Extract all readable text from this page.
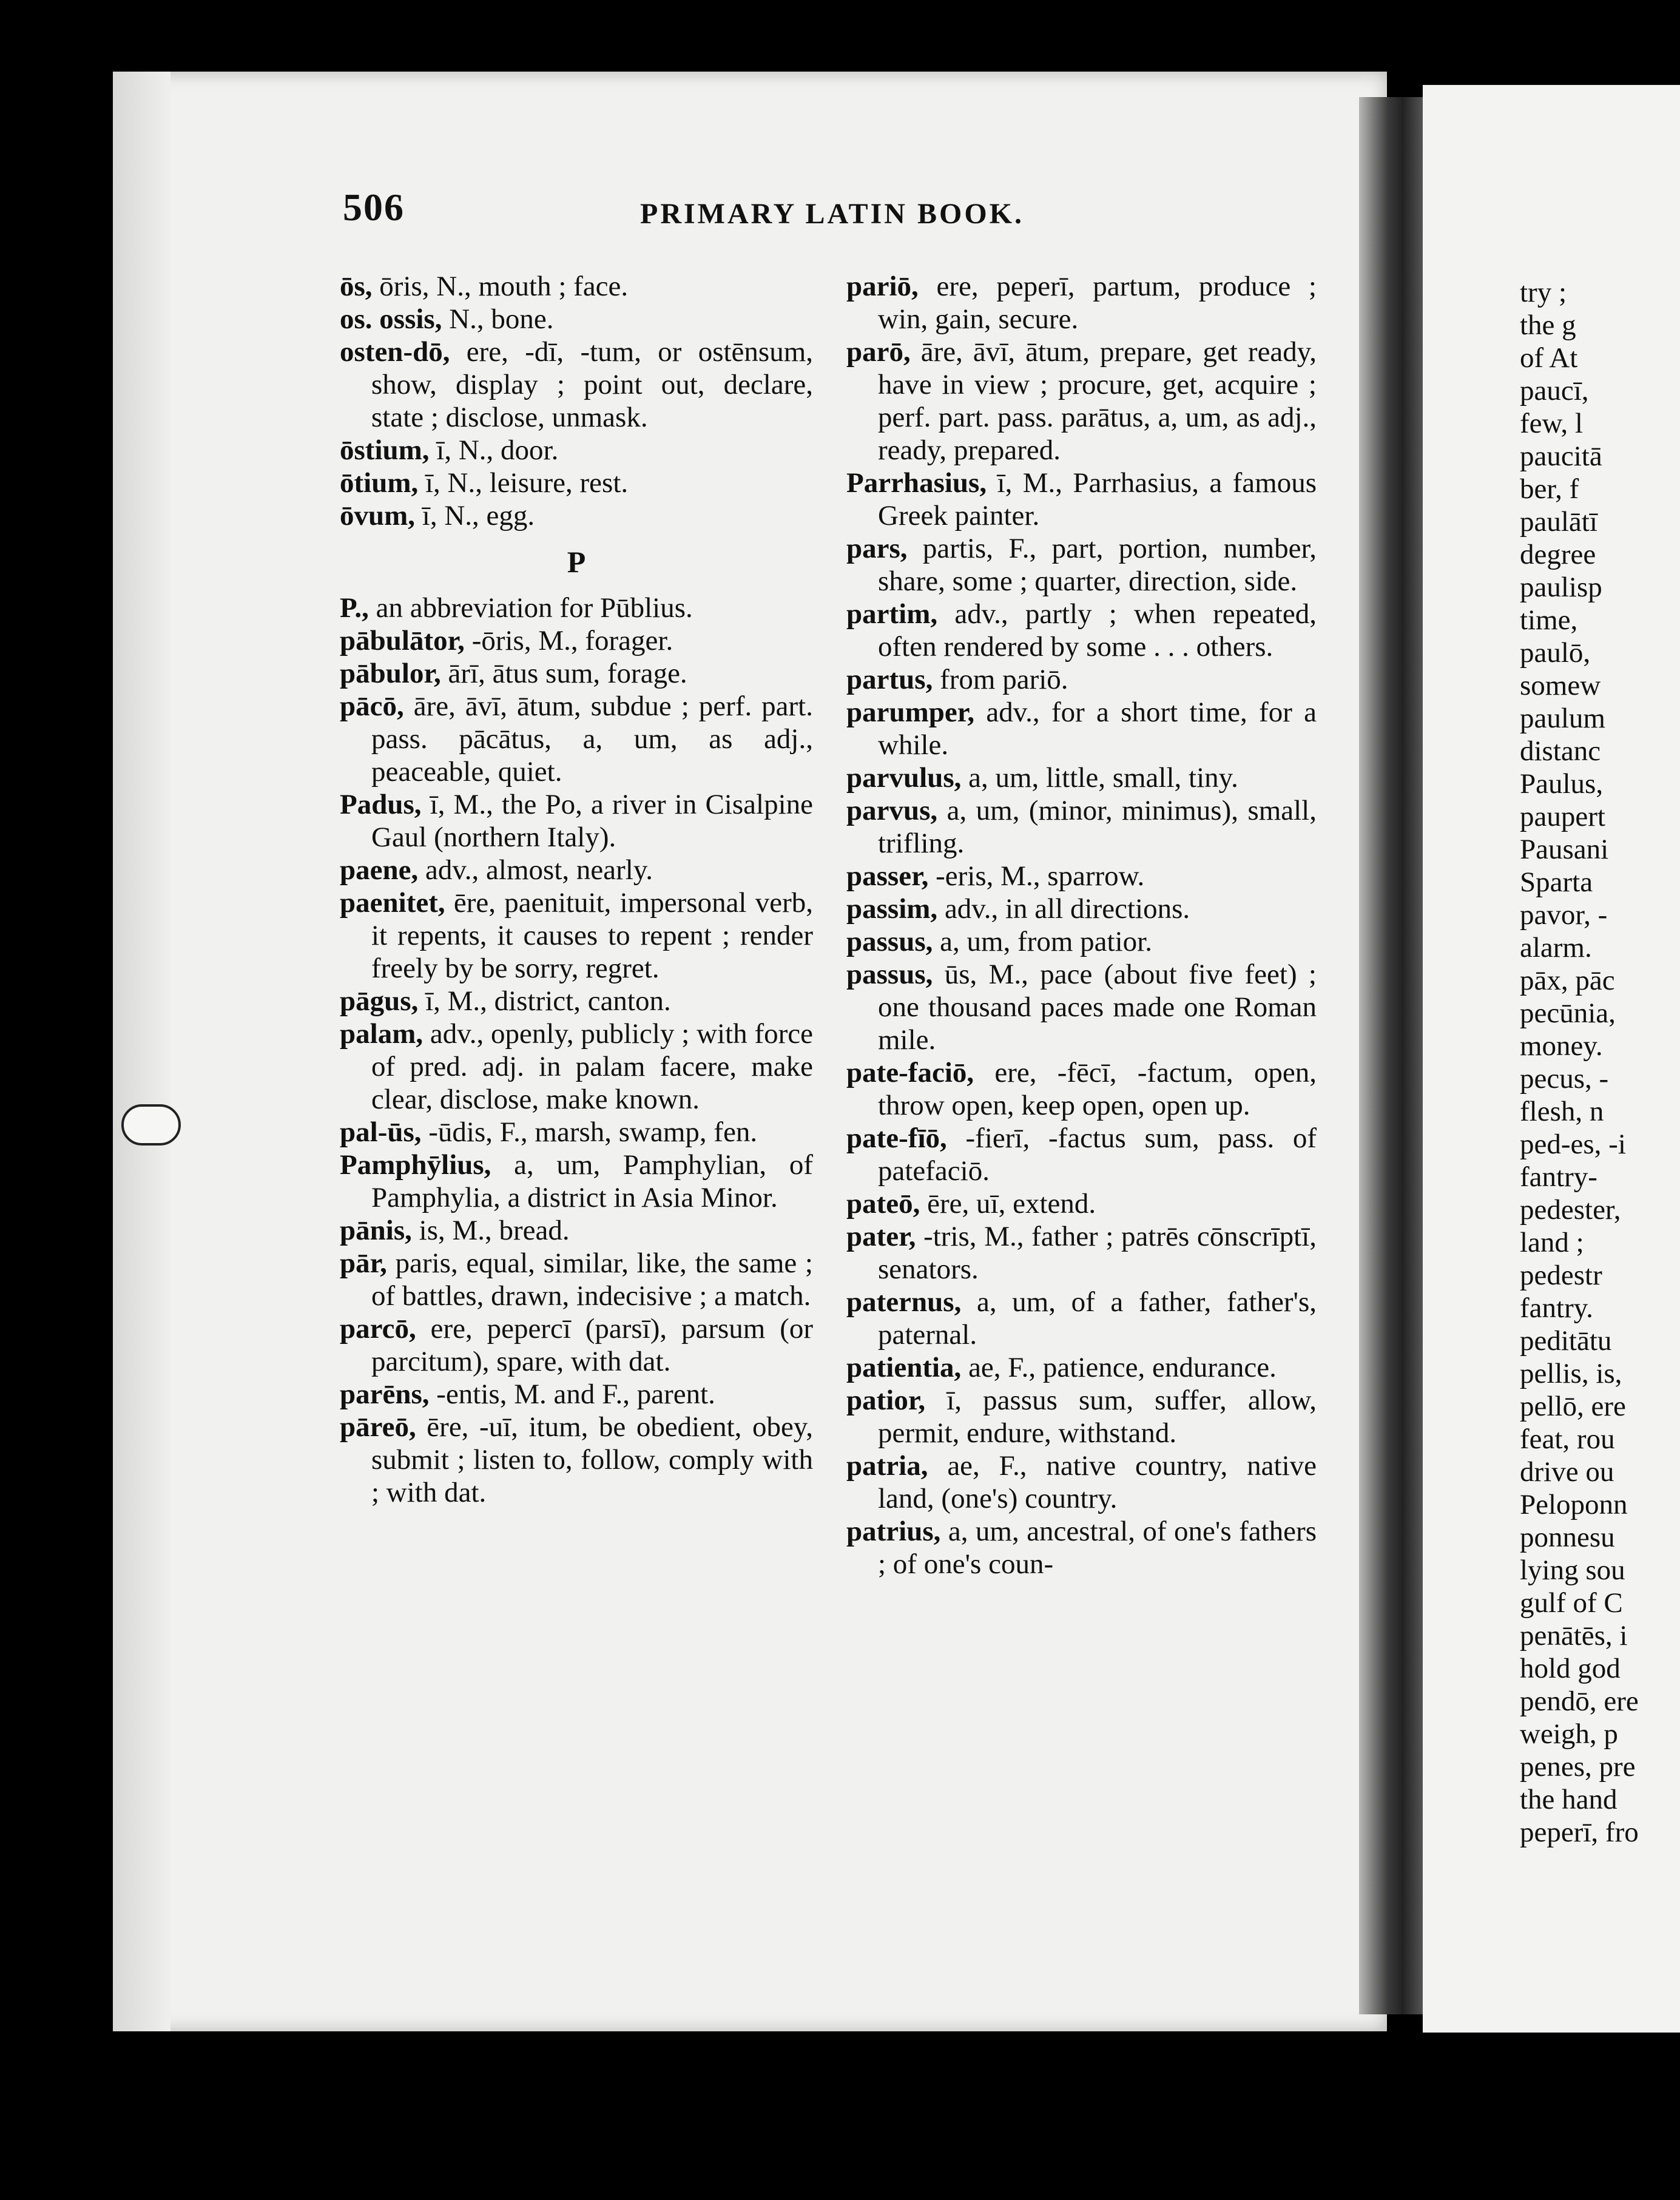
506	PRIMARY LATIN BOOK.
ōs, ōris, N., mouth ; face.
os. ossis, N., bone.
osten-dō, ere, -dī, -tum, or ostēnsum, show, display ; point out, declare, state ; disclose, unmask.
ōstium, ī, N., door.
ōtium, ī, N., leisure, rest.
ōvum, ī, N., egg.
P
P., an abbreviation for Pūblius.
pābulātor, -ōris, M., forager.
pābulor, ārī, ātus sum, forage.
pācō, āre, āvī, ātum, subdue ; perf. part. pass. pācātus, a, um, as adj., peaceable, quiet.
Padus, ī, M., the Po, a river in Cisalpine Gaul (northern Italy).
paene, adv., almost, nearly.
paenitet, ēre, paenituit, impersonal verb, it repents, it causes to repent ; render freely by be sorry, regret.
pāgus, ī, M., district, canton.
palam, adv., openly, publicly ; with force of pred. adj. in palam facere, make clear, disclose, make known.
pal-ūs, -ūdis, F., marsh, swamp, fen.
Pamphȳlius, a, um, Pamphylian, of Pamphylia, a district in Asia Minor.
pānis, is, M., bread.
pār, paris, equal, similar, like, the same ; of battles, drawn, indecisive ; a match.
parcō, ere, pepercī (parsī), parsum (or parcitum), spare, with dat.
parēns, -entis, M. and F., parent.
pāreō, ēre, -uī, itum, be obedient, obey, submit ; listen to, follow, comply with ; with dat.
pariō, ere, peperī, partum, produce ; win, gain, secure.
parō, āre, āvī, ātum, prepare, get ready, have in view ; procure, get, acquire ; perf. part. pass. parātus, a, um, as adj., ready, prepared.
Parrhasius, ī, M., Parrhasius, a famous Greek painter.
pars, partis, F., part, portion, number, share, some ; quarter, direction, side.
partim, adv., partly ; when repeated, often rendered by some . . . others.
partus, from pariō.
parumper, adv., for a short time, for a while.
parvulus, a, um, little, small, tiny.
parvus, a, um, (minor, minimus), small, trifling.
passer, -eris, M., sparrow.
passim, adv., in all directions.
passus, a, um, from patior.
passus, ūs, M., pace (about five feet) ; one thousand paces made one Roman mile.
pate-faciō, ere, -fēcī, -factum, open, throw open, keep open, open up.
pate-fīō, -fierī, -factus sum, pass. of patefaciō.
pateō, ēre, uī, extend.
pater, -tris, M., father ; patrēs cōnscrīptī, senators.
paternus, a, um, of a father, father's, paternal.
patientia, ae, F., patience, endurance.
patior, ī, passus sum, suffer, allow, permit, endure, withstand.
patria, ae, F., native country, native land, (one's) country.
patrius, a, um, ancestral, of one's fathers ; of one's coun-
try ;
the g
of At
paucī,
few, l
paucitā
ber, f
paulātī
degree
paulisp
time,
paulō,
somew
paulum
distanc
Paulus,
paupert
Pausani
Sparta
pavor, -
alarm.
pāx, pāc
pecūnia,
money.
pecus, -
flesh, n
ped-es, -i
fantry-
pedester,
land ;
pedestr
fantry.
peditātu
pellis, is,
pellō, ere
feat, rou
drive ou
Peloponn
ponnesu
lying sou
gulf of C
penātēs, i
hold god
pendō, ere
weigh, p
penes, pre
the hand
peperī, fro
